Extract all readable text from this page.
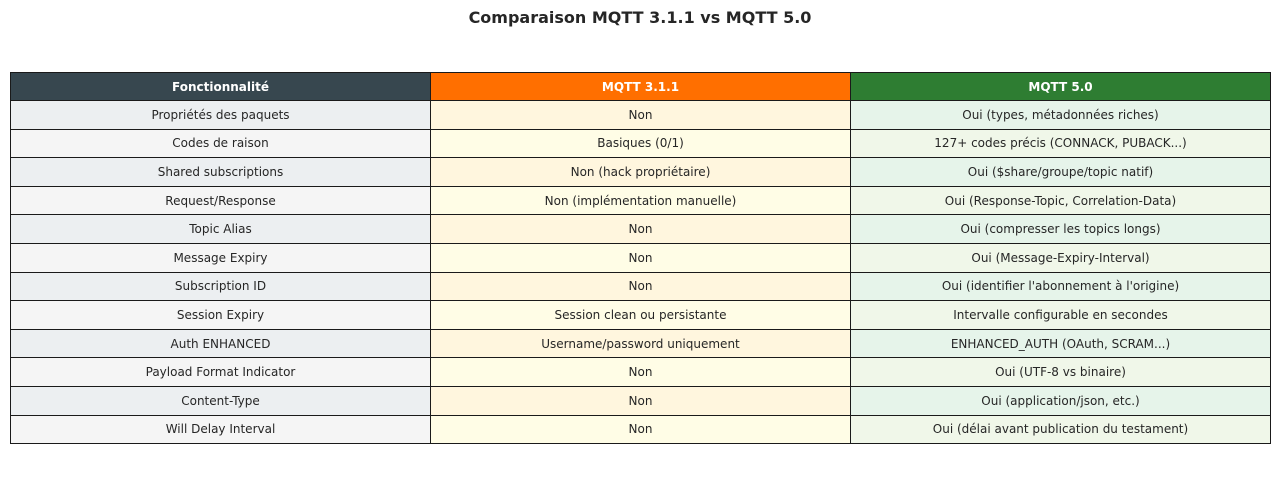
Comparaison MQTT 3.1.1 vs MQTT 5.0
Fonctionnalité	MQTT 3.1.1	MQTT 5.0
Propriétés des paquets	Non	Oui (types, métadonnées riches)
Codes de raison	Basiques (0/1)	127+ codes précis (CONNACK, PUBACK...)
Shared subscriptions	Non (hack propriétaire)	Oui ($share/groupe/topic natif)
Request/Response	Non (implémentation manuelle)	Oui (Response-Topic, Correlation-Data)
Topic Alias	Non	Oui (compresser les topics longs)
Message Expiry	Non	Oui (Message-Expiry-Interval)
Subscription ID	Non	Oui (identifier l'abonnement à l'origine)
Session Expiry	Session clean ou persistante	Intervalle configurable en secondes
Auth ENHANCED	Username/password uniquement	ENHANCED_AUTH (OAuth, SCRAM...)
Payload Format Indicator	Non	Oui (UTF-8 vs binaire)
Content-Type	Non	Oui (application/json, etc.)
Will Delay Interval	Non	Oui (délai avant publication du testament)
